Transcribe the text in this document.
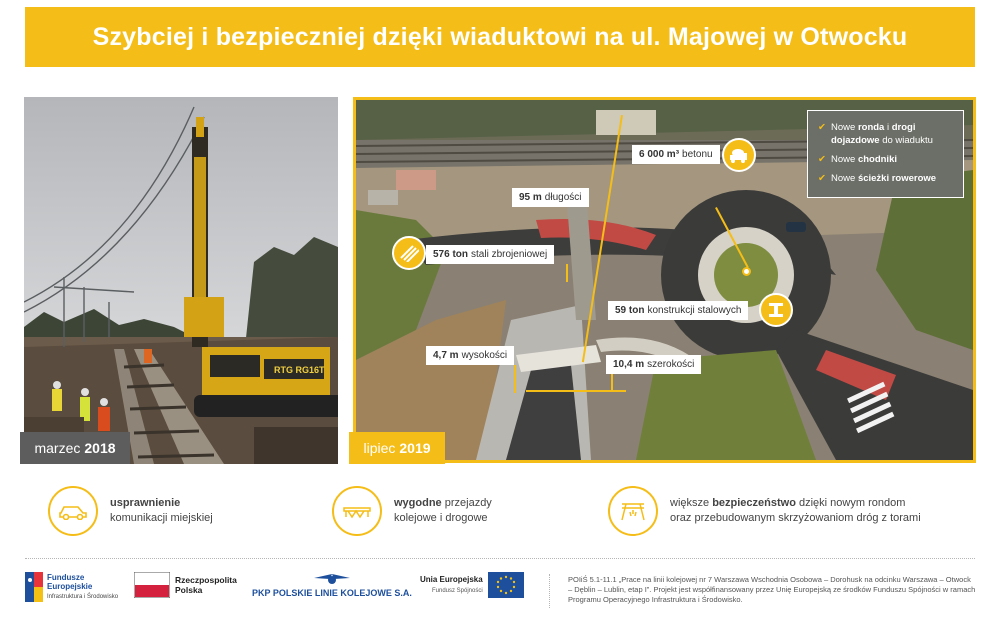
Szybciej i bezpieczniej dzięki wiaduktowi na ul. Majowej w Otwocku
RTG RG16T
marzec 2018
6 000 m³ betonu
95 m długości
576 ton stali zbrojeniowej
59 ton konstrukcji stalowych
4,7 m wysokości
10,4 m szerokości
✔ Nowe ronda i drogi dojazdowe do wiaduktu
✔ Nowe chodniki
✔ Nowe ścieżki rowerowe
lipiec 2019
usprawnienie
komunikacji miejskiej
wygodne przejazdy
kolejowe i drogowe
większe bezpieczeństwo dzięki nowym rondom
oraz przebudowanym skrzyżowaniom dróg z torami
Fundusze
Europejskie
Infrastruktura i Środowisko
Rzeczpospolita
Polska	PKP POLSKIE LINIE KOLEJOWE S.A.
Unia Europejska
Fundusz Spójności
POIiŚ 5.1-11.1 „Prace na linii kolejowej nr 7 Warszawa Wschodnia Osobowa – Dorohusk na odcinku Warszawa – Otwock – Dęblin – Lublin, etap I”. Projekt jest współfinansowany przez Unię Europejską ze środków Funduszu Spójności w ramach Programu Operacyjnego Infrastruktura i Środowisko.
